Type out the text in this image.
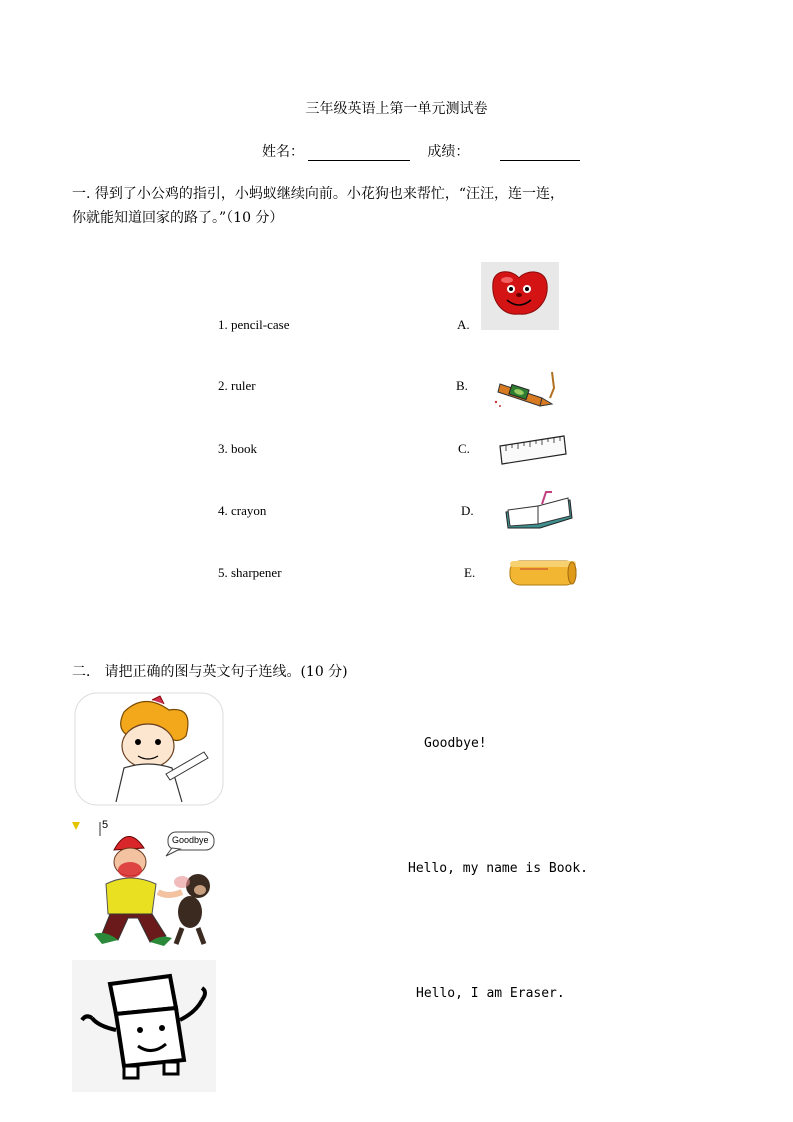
三年级英语上第一单元测试卷
姓名：	成绩：
一. 得到了小公鸡的指引，小蚂蚁继续向前。小花狗也来帮忙，“汪汪，连一连，
你就能知道回家的路了。”（10 分）
1. pencil-case
2. ruler
3. book
4. crayon
5. sharpener
A.
B.
C.
D.
E.
二． 请把正确的图与英文句子连线。(10 分)
5
Goodbye
Goodbye!
Hello, my name is Book.
Hello, I am Eraser.
